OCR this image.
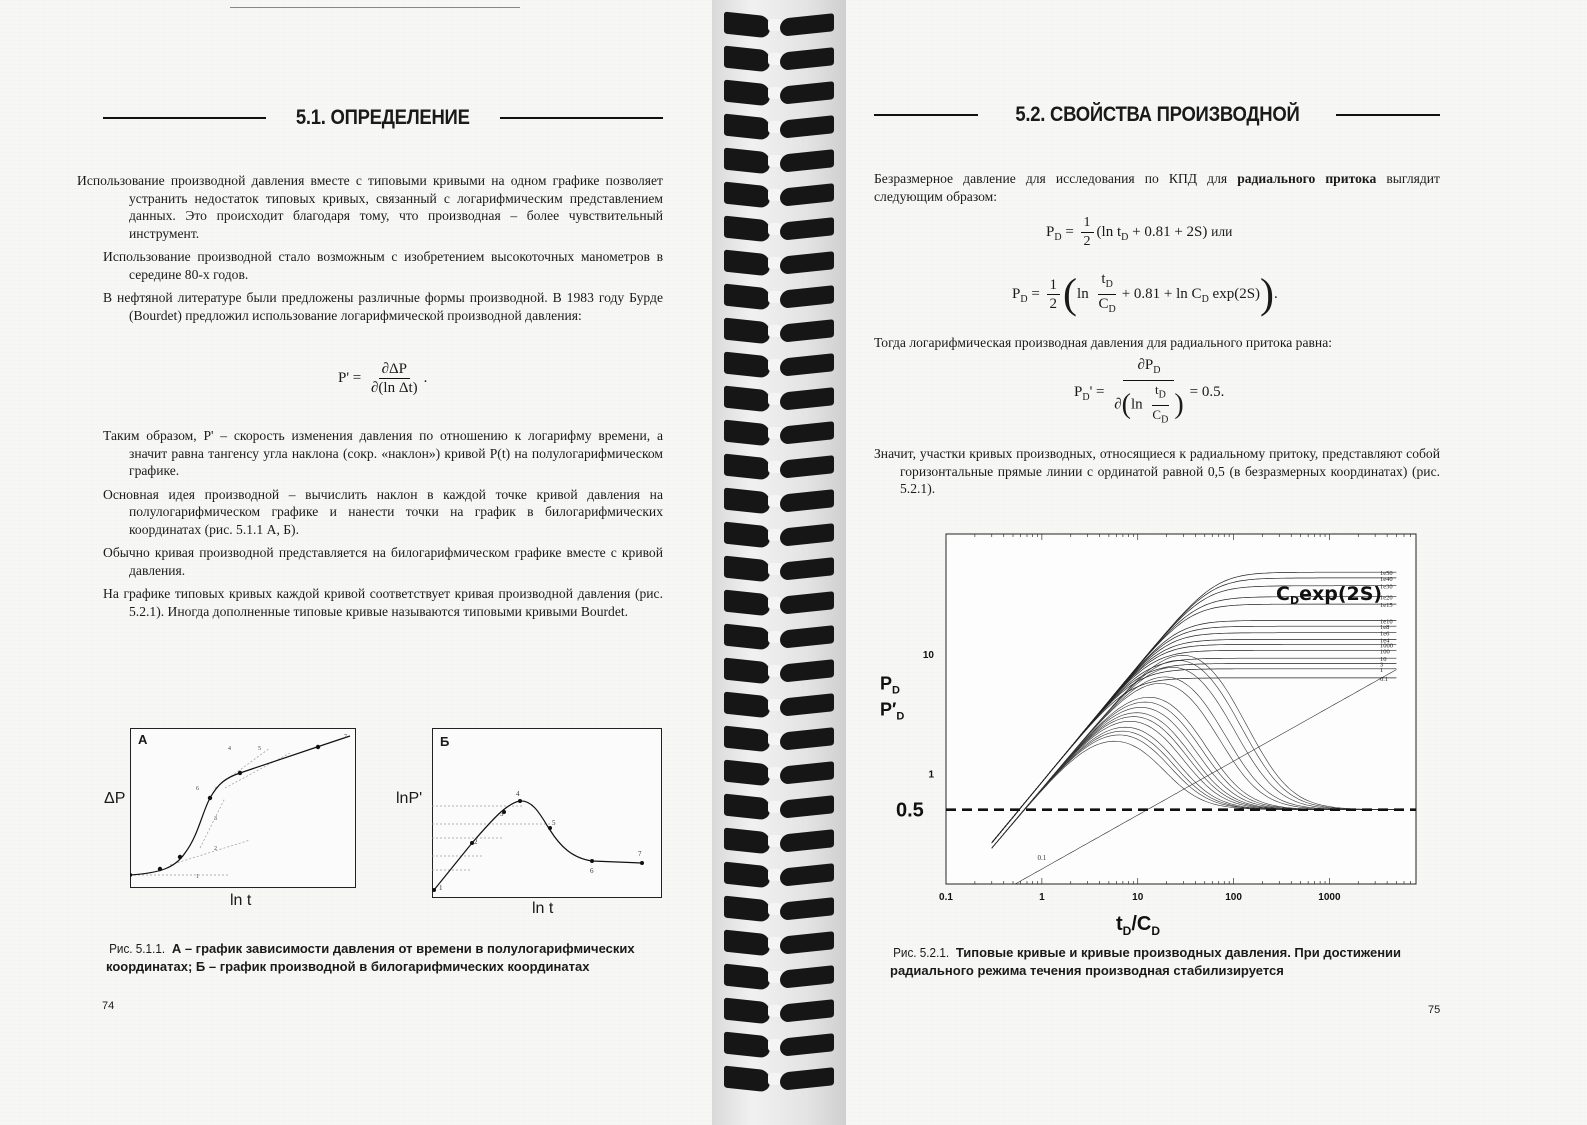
5.1. ОПРЕДЕЛЕНИЕ

Использование производной давления вместе с типовыми кривыми на одном графике позволяет устранить недостаток типовых кривых, связанный с логарифмическим представлением данных. Это происходит благодаря тому, что производная – более чувствительный инструмент.

Использование производной стало возможным с изобретением высокоточных манометров в середине 80-х годов.

В нефтяной литературе были предложены различные формы производной. В 1983 году Бурде (Bourdet) предложил использование логарифмической производной давления:

$P' = \frac{\partial\Delta P}{\text{∂(ln Δt)}}$ .

Таким образом, P' – скорость изменения давления по отношению к логарифму времени, а значит равна тангенсу угла наклона (сокр. «наклон») кривой P(t) на полулогарифмическом графике.

Основная идея производной – вычислить наклон в каждой точке кривой давления на полулогарифмическом графике и нанести точки на график в билогарифмических координатах (рис. 5.1.1 А, Б).

Обычно кривая производной представляется на билогарифмическом графике вместе с кривой давления.

На графике типовых кривых каждой кривой соответствует кривая производной давления (рис. 5.2.1). Иногда дополненные типовые кривые называются типовыми кривыми Bourdet.

А
ΔP
ln t
1
2
3
4	5
6
7	Б
lnP'
ln t
1
2
3
4
5
6
7
Рис. 5.1.1. А – график зависимости давления от времени в полулогарифмических координатах; Б – график производной в билогарифмических координатах
74
5.2. СВОЙСТВА ПРОИЗВОДНОЙ

Безразмерное давление для исследования по КПД для радиального притока выглядит следующим образом:

$P_D = \frac{1}{2} (\ln$ $t_D + 0.81 + 2S$) или
$P_D = \frac{1}{2} (\ln \frac{t_D}{C_D} + 0.81 + \ln C_D$ exp(2S)).

Тогда логарифмическая производная давления для радиального притока равна:

$P_D' = \frac{\partial P_D}{\partial(\ln \frac{t_D}{C_D} )} = 0.5$.

Значит, участки кривых производных, относящиеся к радиальному притоку, представляют собой горизонтальные прямые линии с ординатой равной 0,5 (в безразмерных координатах) (рис. 5.2.1).

1e50
1e40
1e30
1e20
1e15
1e10
1e8
1e6
1e4
1000
100
10
3
1
0.1
0.1
0.5
0.1	1	10	100	1000
1
10
$P_D$
$P'_D$
$t_D/C_D$
$C_D\exp(2S)$
Рис. 5.2.1. Типовые кривые и кривые производных давления. При достижении радиального режима течения производная стабилизируется
75
